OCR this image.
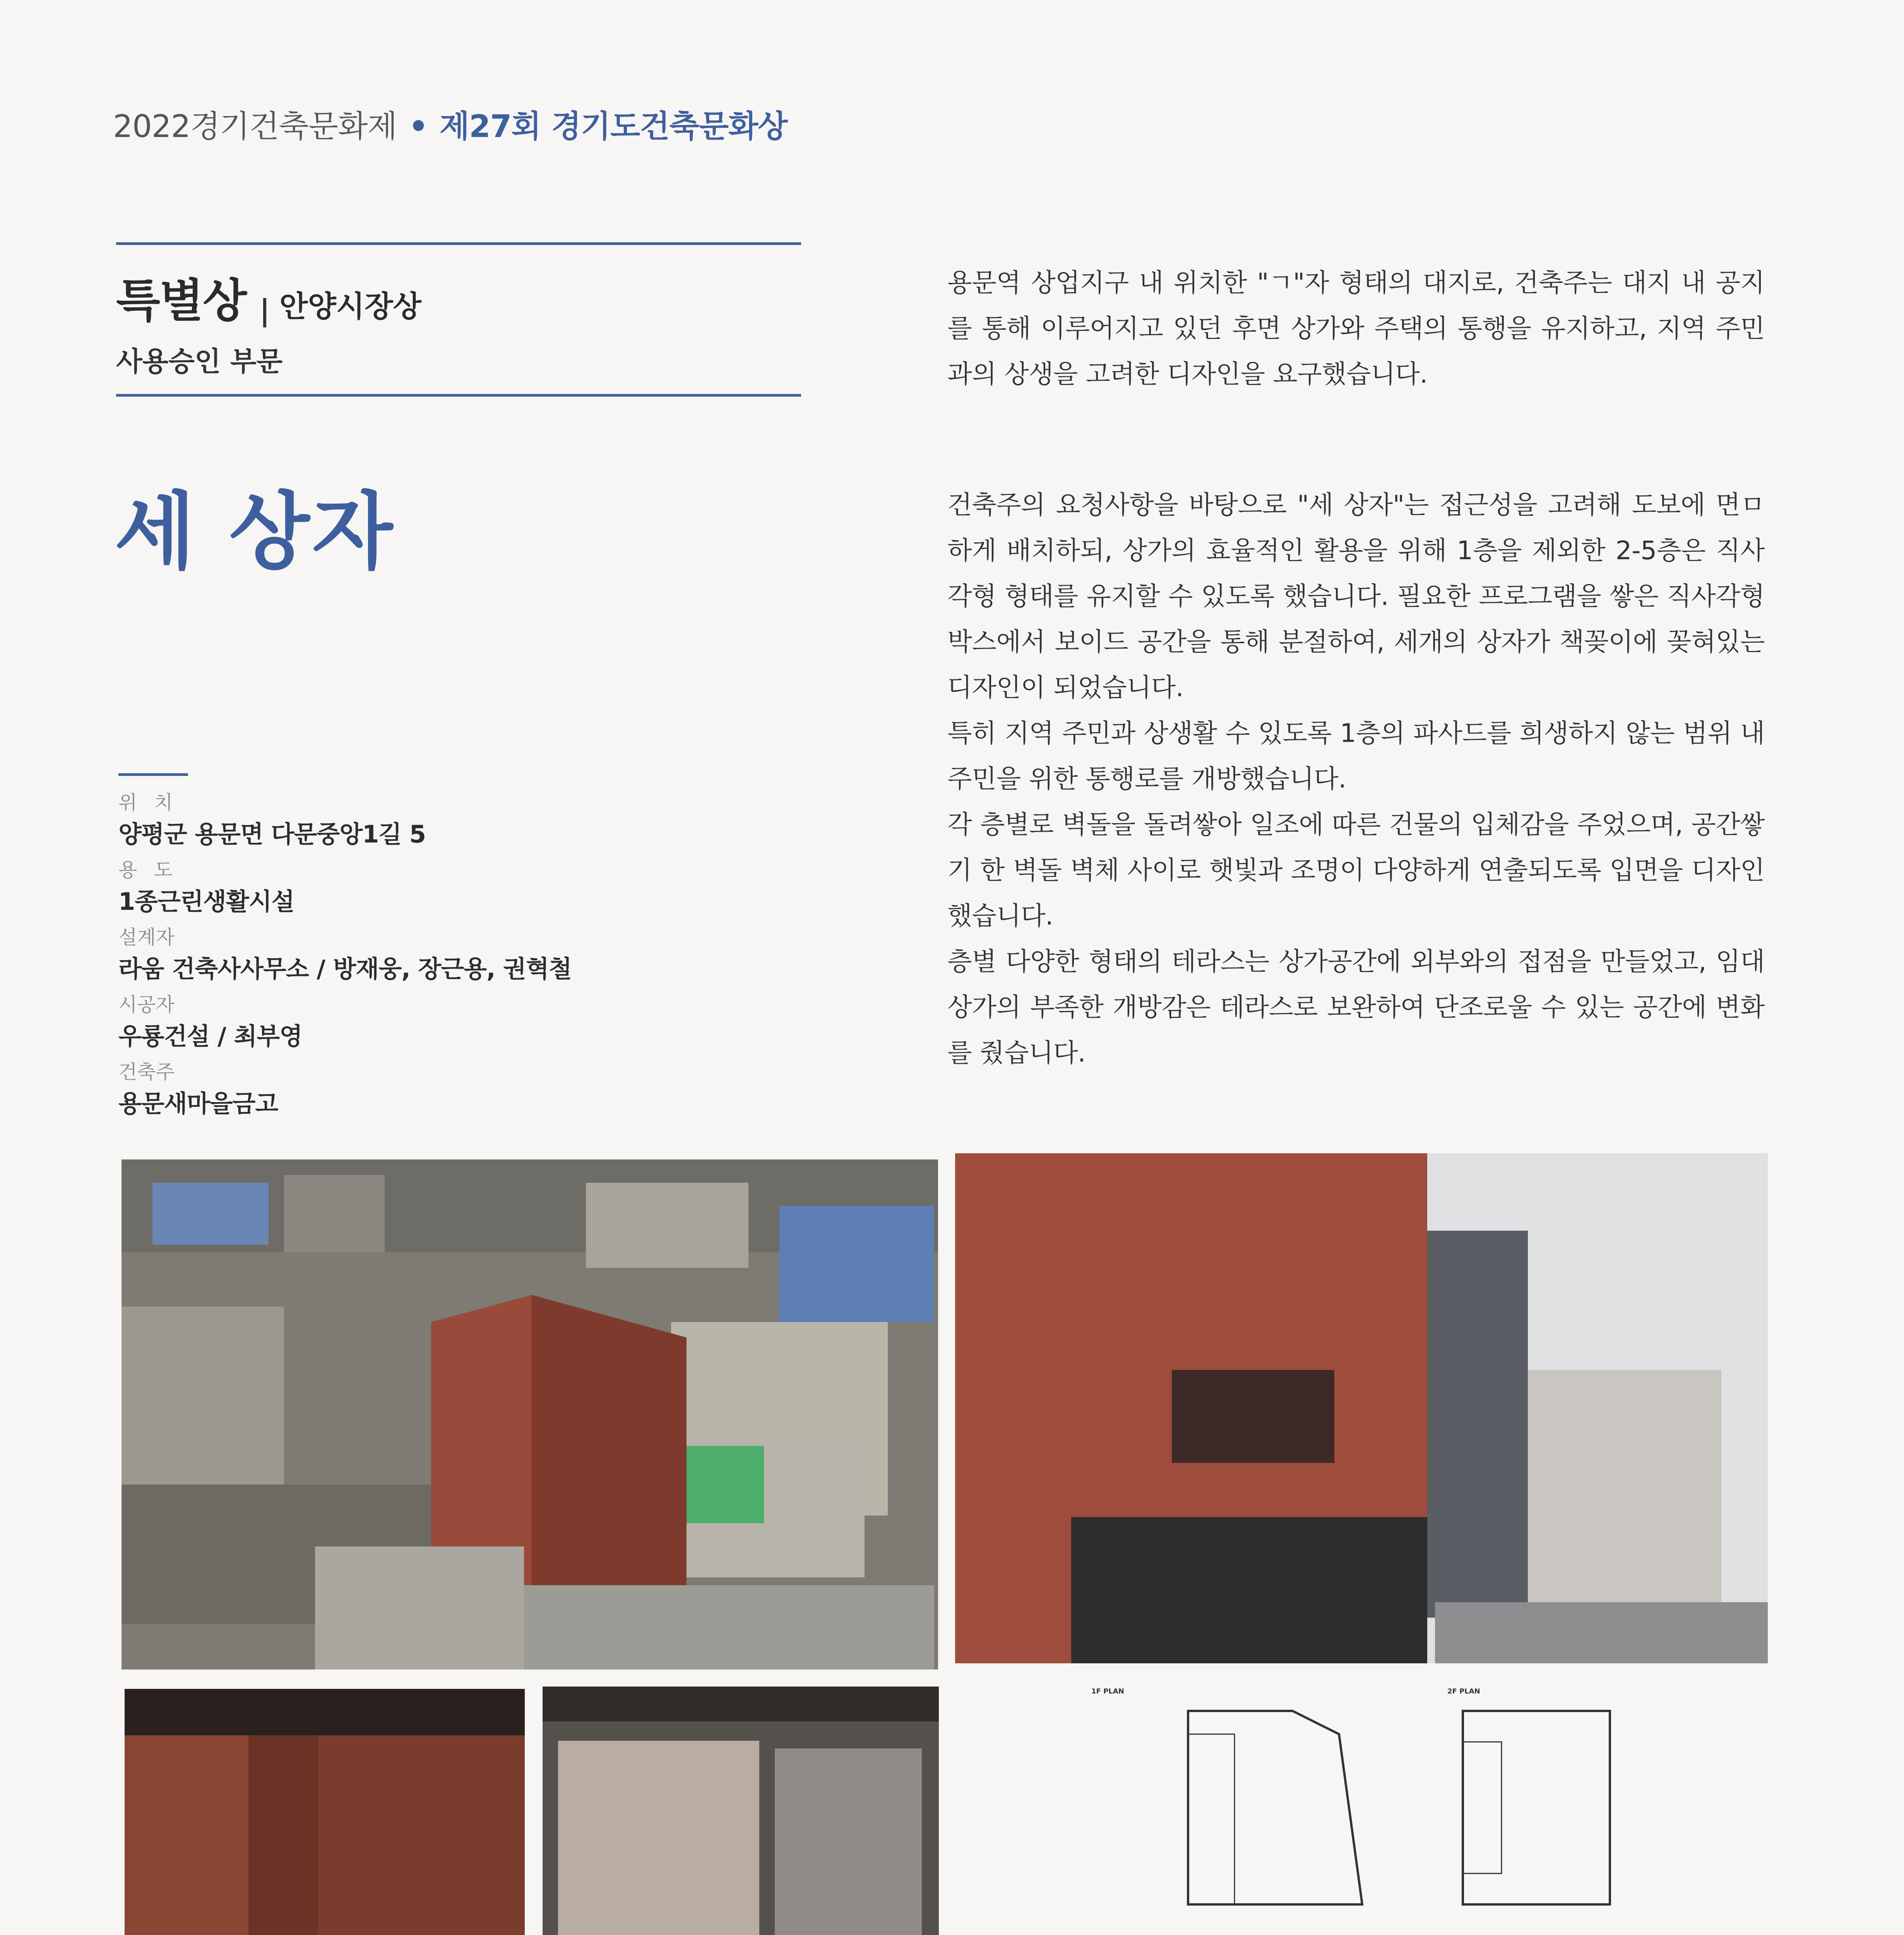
2022경기건축문화제 • 제27회 경기도건축문화상
특별상 안양시장상
사용승인 부문
세 상자
위 치
양평군 용문면 다문중앙1길 5
용 도
1종근린생활시설
설계자
라움 건축사사무소 / 방재웅, 장근용, 권혁철
시공자
우룡건설 / 최부영
건축주
용문새마을금고

용문역 상업지구 내 위치한 "ㄱ"자 형태의 대지로, 건축주는 대지 내 공지를 통해 이루어지고 있던 후면 상가와 주택의 통행을 유지하고, 지역 주민과의 상생을 고려한 디자인을 요구했습니다.

건축주의 요청사항을 바탕으로 "세 상자"는 접근성을 고려해 도보에 면ㅁ하게 배치하되, 상가의 효율적인 활용을 위해 1층을 제외한 2-5층은 직사각형 형태를 유지할 수 있도록 했습니다. 필요한 프로그램을 쌓은 직사각형 박스에서 보이드 공간을 통해 분절하여, 세개의 상자가 책꽂이에 꽂혀있는 디자인이 되었습니다.

특히 지역 주민과 상생활 수 있도록 1층의 파사드를 희생하지 않는 범위 내 주민을 위한 통행로를 개방했습니다.

각 층별로 벽돌을 돌려쌓아 일조에 따른 건물의 입체감을 주었으며, 공간쌓기 한 벽돌 벽체 사이로 햇빛과 조명이 다양하게 연출되도록 입면을 디자인 했습니다.

층별 다양한 형태의 테라스는 상가공간에 외부와의 접점을 만들었고, 임대상가의 부족한 개방감은 테라스로 보완하여 단조로울 수 있는 공간에 변화를 줬습니다.

1F PLAN	2F PLAN
